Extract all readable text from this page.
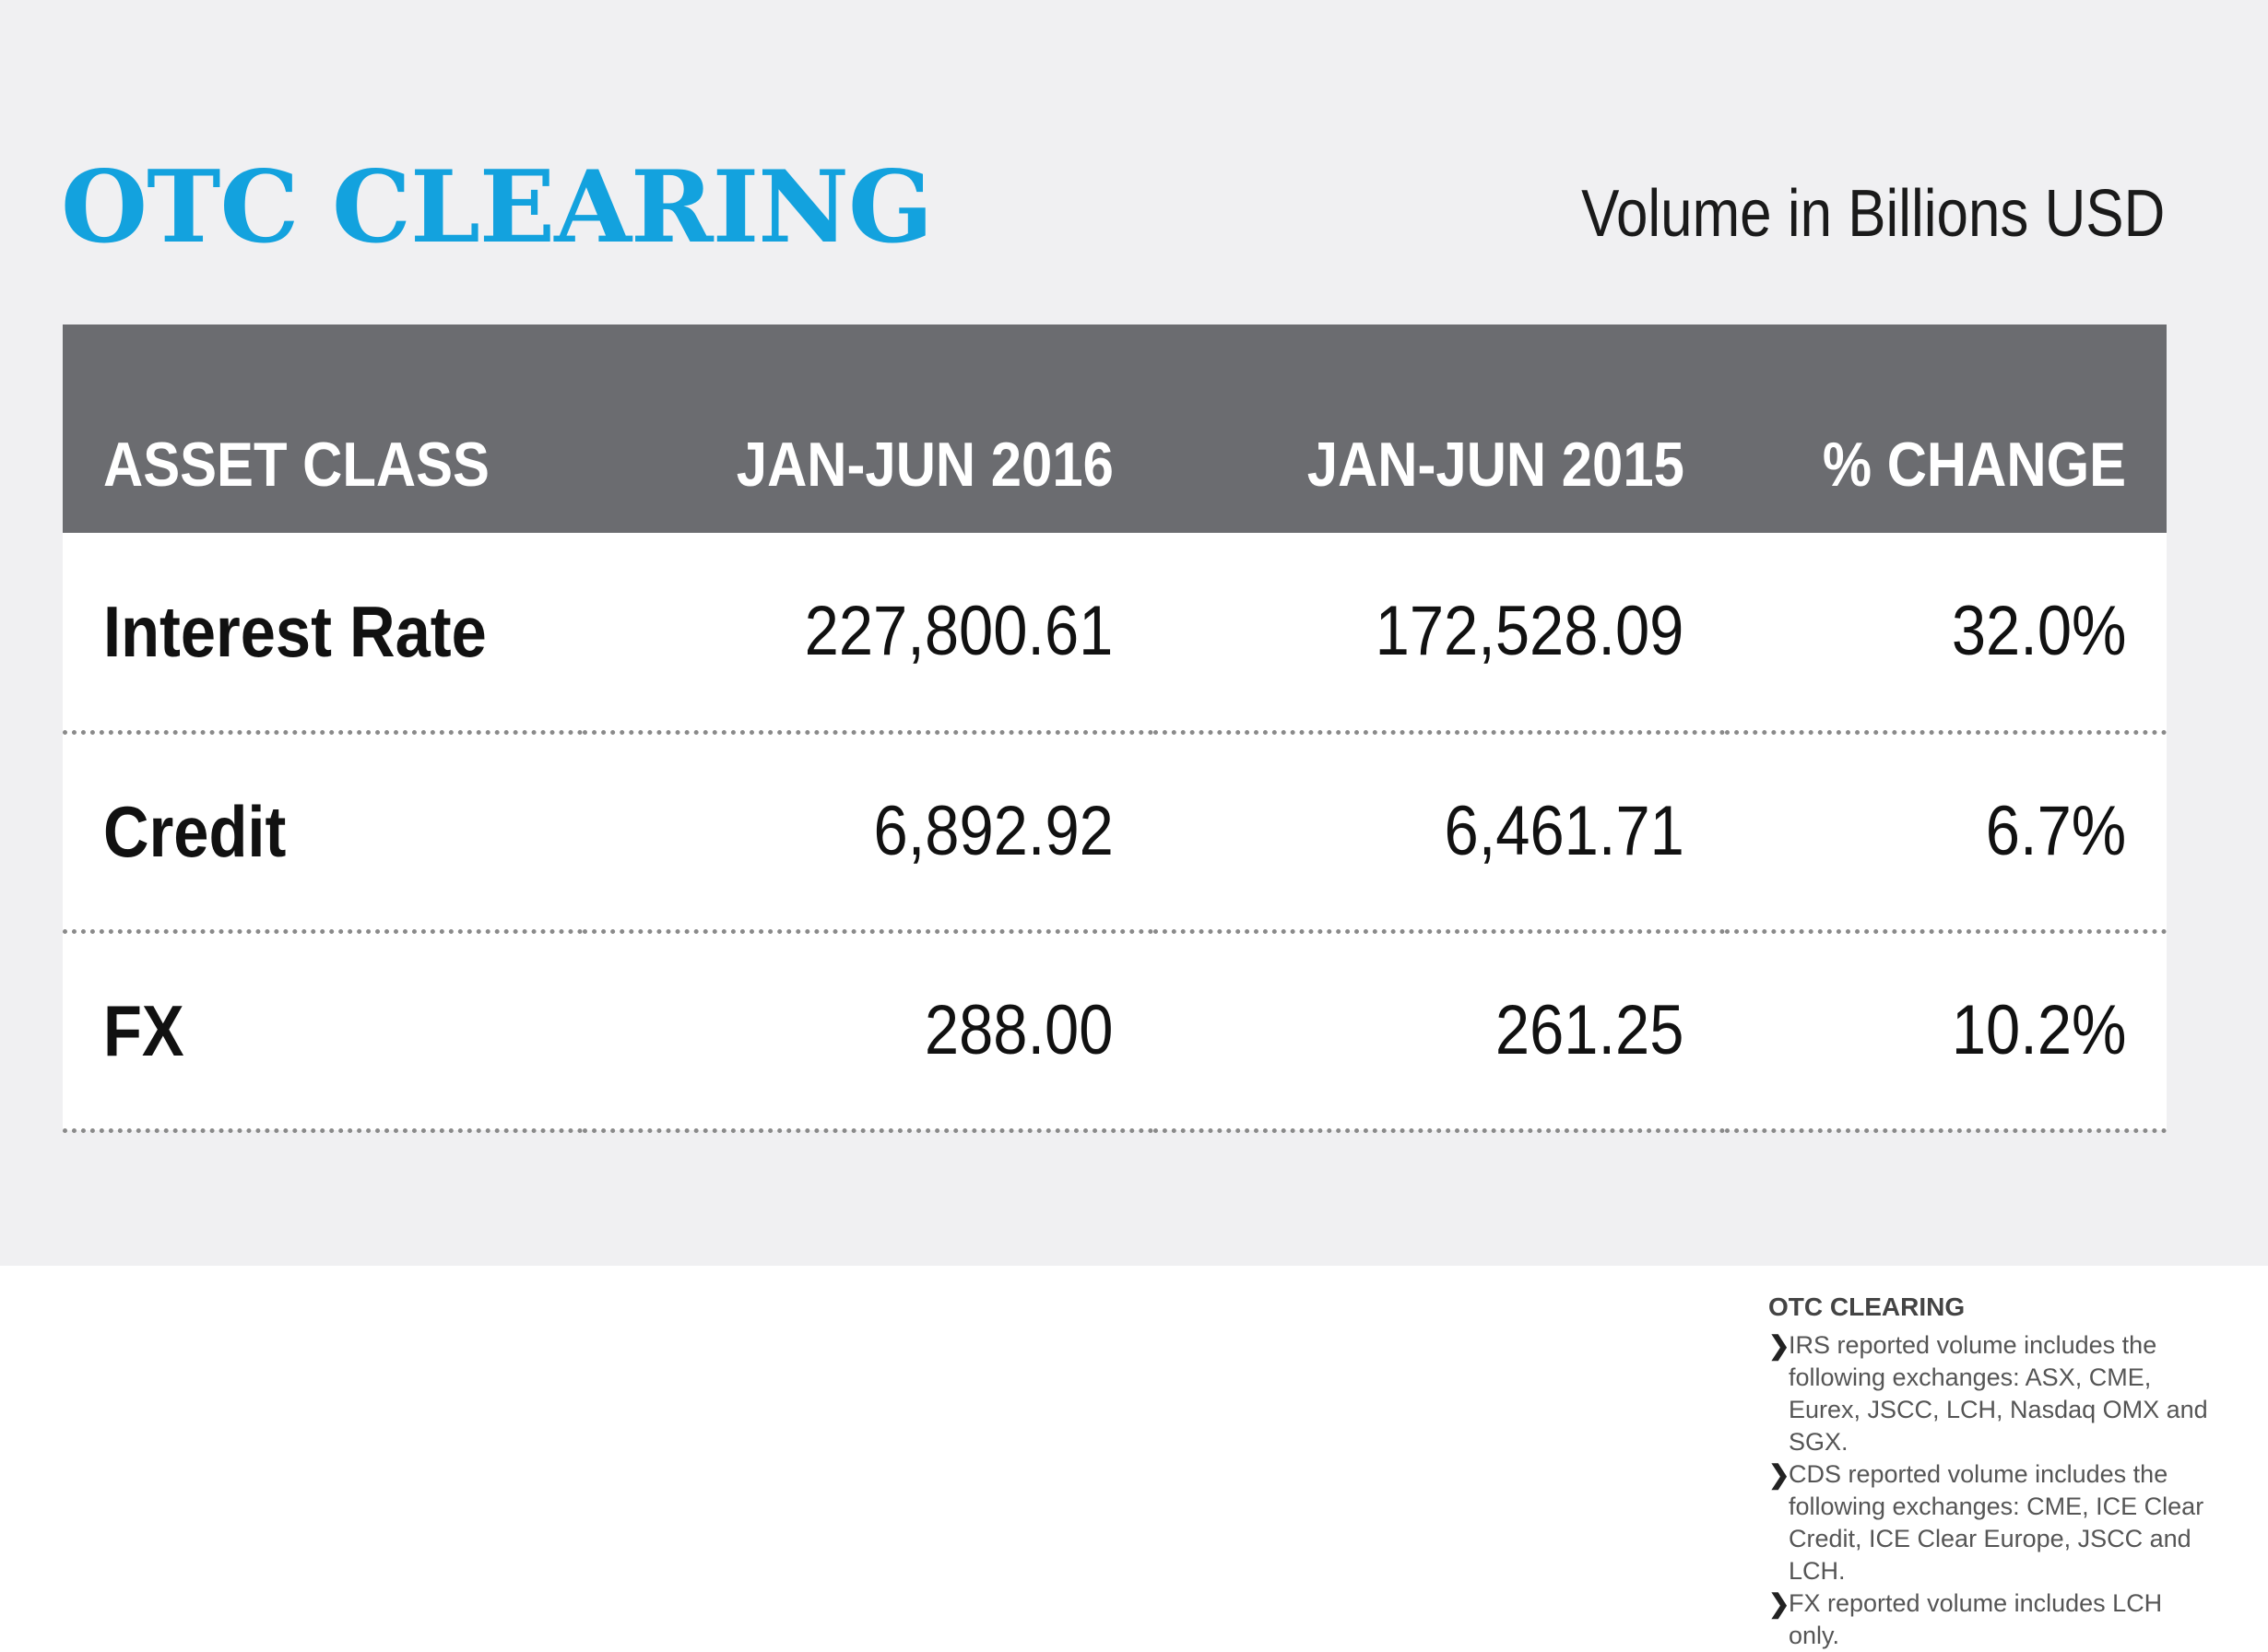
OTC CLEARING	Volume in Billions USD
ASSET CLASS	JAN-JUN 2016	JAN-JUN 2015	% CHANGE
Interest Rate	227,800.61	172,528.09	32.0%
Credit	6,892.92	6,461.71	6.7%
FX	288.00	261.25	10.2%
OTC CLEARING
❯
IRS reported volume includes the following exchanges: ASX, CME, Eurex, JSCC, LCH, Nasdaq OMX and SGX.
❯
CDS reported volume includes the following exchanges: CME, ICE Clear Credit, ICE Clear Europe, JSCC and LCH.
❯
FX reported volume includes LCH only.
